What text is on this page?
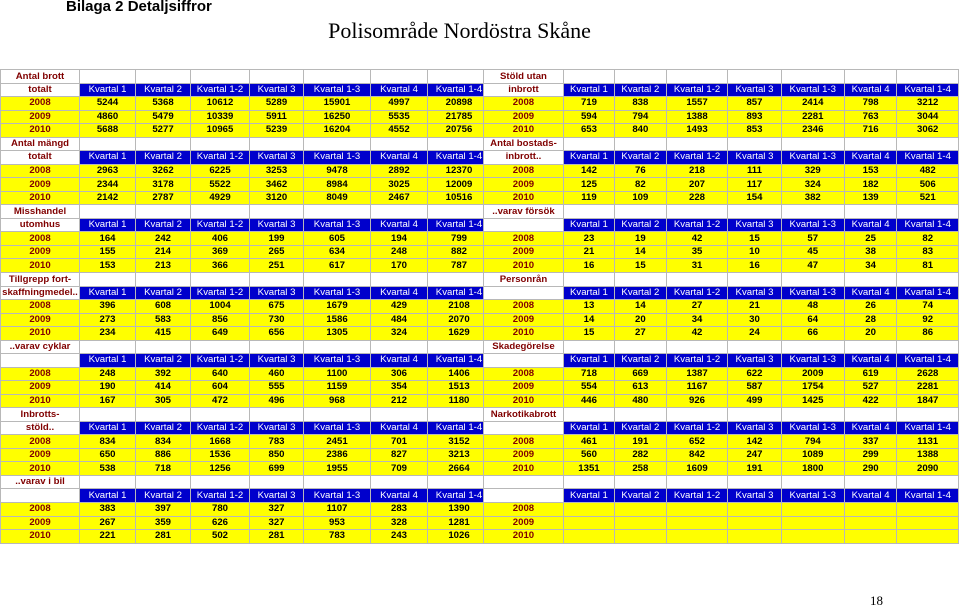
Bilaga 2 Detaljsiffror
Polisområde Nordöstra Skåne
Antal brott							
totalt	Kvartal 1	Kvartal 2	Kvartal 1-2	Kvartal 3	Kvartal 1-3	Kvartal 4	Kvartal 1-4
2008	5244	5368	10612	5289	15901	4997	20898
2009	4860	5479	10339	5911	16250	5535	21785
2010	5688	5277	10965	5239	16204	4552	20756
Antal mängd							
totalt	Kvartal 1	Kvartal 2	Kvartal 1-2	Kvartal 3	Kvartal 1-3	Kvartal 4	Kvartal 1-4
2008	2963	3262	6225	3253	9478	2892	12370
2009	2344	3178	5522	3462	8984	3025	12009
2010	2142	2787	4929	3120	8049	2467	10516
Misshandel							
utomhus	Kvartal 1	Kvartal 2	Kvartal 1-2	Kvartal 3	Kvartal 1-3	Kvartal 4	Kvartal 1-4
2008	164	242	406	199	605	194	799
2009	155	214	369	265	634	248	882
2010	153	213	366	251	617	170	787
Tillgrepp fort-							
skaffningmedel..	Kvartal 1	Kvartal 2	Kvartal 1-2	Kvartal 3	Kvartal 1-3	Kvartal 4	Kvartal 1-4
2008	396	608	1004	675	1679	429	2108
2009	273	583	856	730	1586	484	2070
2010	234	415	649	656	1305	324	1629
..varav cyklar							
	Kvartal 1	Kvartal 2	Kvartal 1-2	Kvartal 3	Kvartal 1-3	Kvartal 4	Kvartal 1-4
2008	248	392	640	460	1100	306	1406
2009	190	414	604	555	1159	354	1513
2010	167	305	472	496	968	212	1180
Inbrotts-							
stöld..	Kvartal 1	Kvartal 2	Kvartal 1-2	Kvartal 3	Kvartal 1-3	Kvartal 4	Kvartal 1-4
2008	834	834	1668	783	2451	701	3152
2009	650	886	1536	850	2386	827	3213
2010	538	718	1256	699	1955	709	2664
..varav i bil							
	Kvartal 1	Kvartal 2	Kvartal 1-2	Kvartal 3	Kvartal 1-3	Kvartal 4	Kvartal 1-4
2008	383	397	780	327	1107	283	1390
2009	267	359	626	327	953	328	1281
2010	221	281	502	281	783	243	1026
Stöld utan							
inbrott	Kvartal 1	Kvartal 2	Kvartal 1-2	Kvartal 3	Kvartal 1-3	Kvartal 4	Kvartal 1-4
2008	719	838	1557	857	2414	798	3212
2009	594	794	1388	893	2281	763	3044
2010	653	840	1493	853	2346	716	3062
Antal bostads-							
inbrott..	Kvartal 1	Kvartal 2	Kvartal 1-2	Kvartal 3	Kvartal 1-3	Kvartal 4	Kvartal 1-4
2008	142	76	218	111	329	153	482
2009	125	82	207	117	324	182	506
2010	119	109	228	154	382	139	521
..varav försök							
	Kvartal 1	Kvartal 2	Kvartal 1-2	Kvartal 3	Kvartal 1-3	Kvartal 4	Kvartal 1-4
2008	23	19	42	15	57	25	82
2009	21	14	35	10	45	38	83
2010	16	15	31	16	47	34	81
Personrån							
	Kvartal 1	Kvartal 2	Kvartal 1-2	Kvartal 3	Kvartal 1-3	Kvartal 4	Kvartal 1-4
2008	13	14	27	21	48	26	74
2009	14	20	34	30	64	28	92
2010	15	27	42	24	66	20	86
Skadegörelse							
	Kvartal 1	Kvartal 2	Kvartal 1-2	Kvartal 3	Kvartal 1-3	Kvartal 4	Kvartal 1-4
2008	718	669	1387	622	2009	619	2628
2009	554	613	1167	587	1754	527	2281
2010	446	480	926	499	1425	422	1847
Narkotikabrott							
	Kvartal 1	Kvartal 2	Kvartal 1-2	Kvartal 3	Kvartal 1-3	Kvartal 4	Kvartal 1-4
2008	461	191	652	142	794	337	1131
2009	560	282	842	247	1089	299	1388
2010	1351	258	1609	191	1800	290	2090

	Kvartal 1	Kvartal 2	Kvartal 1-2	Kvartal 3	Kvartal 1-3	Kvartal 4	Kvartal 1-4
2008							
2009							
2010							
18
